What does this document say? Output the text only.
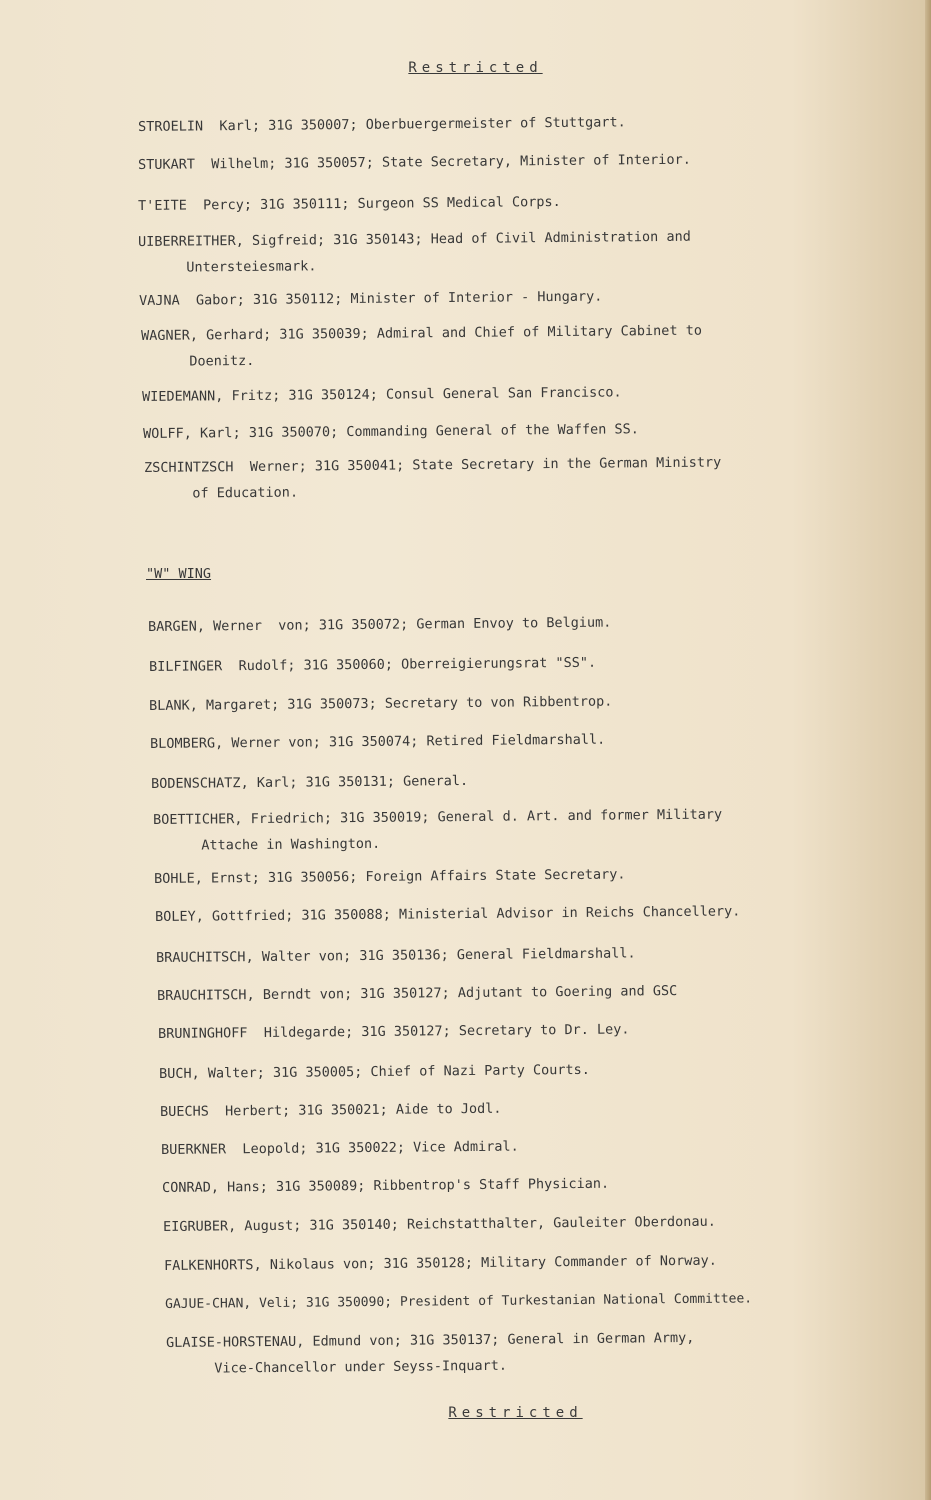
Restricted
STROELIN  Karl; 31G 350007; Oberbuergermeister of Stuttgart.
STUKART  Wilhelm; 31G 350057; State Secretary, Minister of Interior.
T'EITE  Percy; 31G 350111; Surgeon SS Medical Corps.
UIBERREITHER, Sigfreid; 31G 350143; Head of Civil Administration and
Untersteiesmark.
VAJNA  Gabor; 31G 350112; Minister of Interior - Hungary.
WAGNER, Gerhard; 31G 350039; Admiral and Chief of Military Cabinet to
Doenitz.
WIEDEMANN, Fritz; 31G 350124; Consul General San Francisco.
WOLFF, Karl; 31G 350070; Commanding General of the Waffen SS.
ZSCHINTZSCH  Werner; 31G 350041; State Secretary in the German Ministry
of Education.
"W" WING
BARGEN, Werner  von; 31G 350072; German Envoy to Belgium.
BILFINGER  Rudolf; 31G 350060; Oberreigierungsrat "SS".
BLANK, Margaret; 31G 350073; Secretary to von Ribbentrop.
BLOMBERG, Werner von; 31G 350074; Retired Fieldmarshall.
BODENSCHATZ, Karl; 31G 350131; General.
BOETTICHER, Friedrich; 31G 350019; General d. Art. and former Military
Attache in Washington.
BOHLE, Ernst; 31G 350056; Foreign Affairs State Secretary.
BOLEY, Gottfried; 31G 350088; Ministerial Advisor in Reichs Chancellery.
BRAUCHITSCH, Walter von; 31G 350136; General Fieldmarshall.
BRAUCHITSCH, Berndt von; 31G 350127; Adjutant to Goering and GSC
BRUNINGHOFF  Hildegarde; 31G 350127; Secretary to Dr. Ley.
BUCH, Walter; 31G 350005; Chief of Nazi Party Courts.
BUECHS  Herbert; 31G 350021; Aide to Jodl.
BUERKNER  Leopold; 31G 350022; Vice Admiral.
CONRAD, Hans; 31G 350089; Ribbentrop's Staff Physician.
EIGRUBER, August; 31G 350140; Reichstatthalter, Gauleiter Oberdonau.
FALKENHORTS, Nikolaus von; 31G 350128; Military Commander of Norway.
GAJUE-CHAN, Veli; 31G 350090; President of Turkestanian National Committee.
GLAISE-HORSTENAU, Edmund von; 31G 350137; General in German Army,
Vice-Chancellor under Seyss-Inquart.
Restricted
